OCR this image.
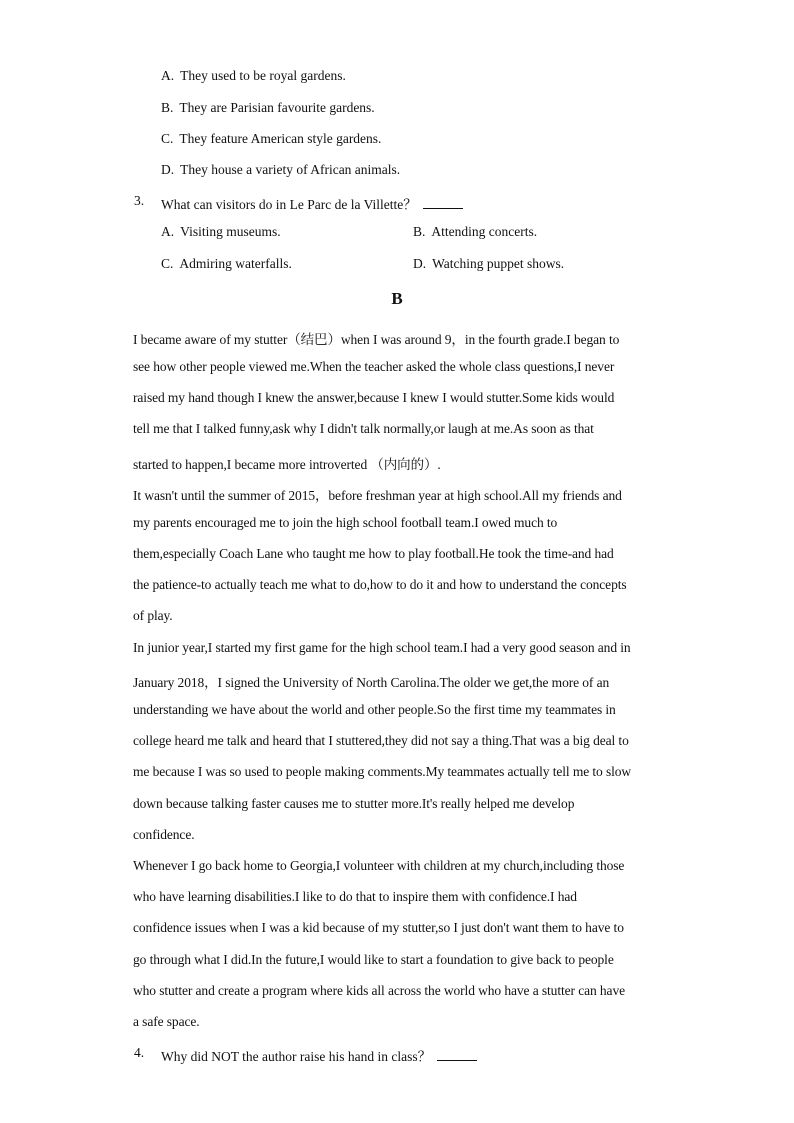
A. They used to be royal gardens.
B. They are Parisian favourite gardens.
C. They feature American style gardens.
D. They house a variety of African animals.
3. What can visitors do in Le Parc de la Villette？
A. Visiting museums.	B. Attending concerts.
C. Admiring waterfalls.	D. Watching puppet shows.
B
I became aware of my stutter（结巴）when I was around 9，in the fourth grade.I began to
see how other people viewed me.When the teacher asked the whole class questions,I never
raised my hand though I knew the answer,because I knew I would stutter.Some kids would
tell me that I talked funny,ask why I didn't talk normally,or laugh at me.As soon as that
started to happen,I became more introverted （内向的）.
It wasn't until the summer of 2015，before freshman year at high school.All my friends and
my parents encouraged me to join the high school football team.I owed much to
them,especially Coach Lane who taught me how to play football.He took the time-and had
the patience-to actually teach me what to do,how to do it and how to understand the concepts
of play.
In junior year,I started my first game for the high school team.I had a very good season and in
January 2018，I signed the University of North Carolina.The older we get,the more of an
understanding we have about the world and other people.So the first time my teammates in
college heard me talk and heard that I stuttered,they did not say a thing.That was a big deal to
me because I was so used to people making comments.My teammates actually tell me to slow
down because talking faster causes me to stutter more.It's really helped me develop
confidence.
Whenever I go back home to Georgia,I volunteer with children at my church,including those
who have learning disabilities.I like to do that to inspire them with confidence.I had
confidence issues when I was a kid because of my stutter,so I just don't want them to have to
go through what I did.In the future,I would like to start a foundation to give back to people
who stutter and create a program where kids all across the world who have a stutter can have
a safe space.
4. Why did NOT the author raise his hand in class？
